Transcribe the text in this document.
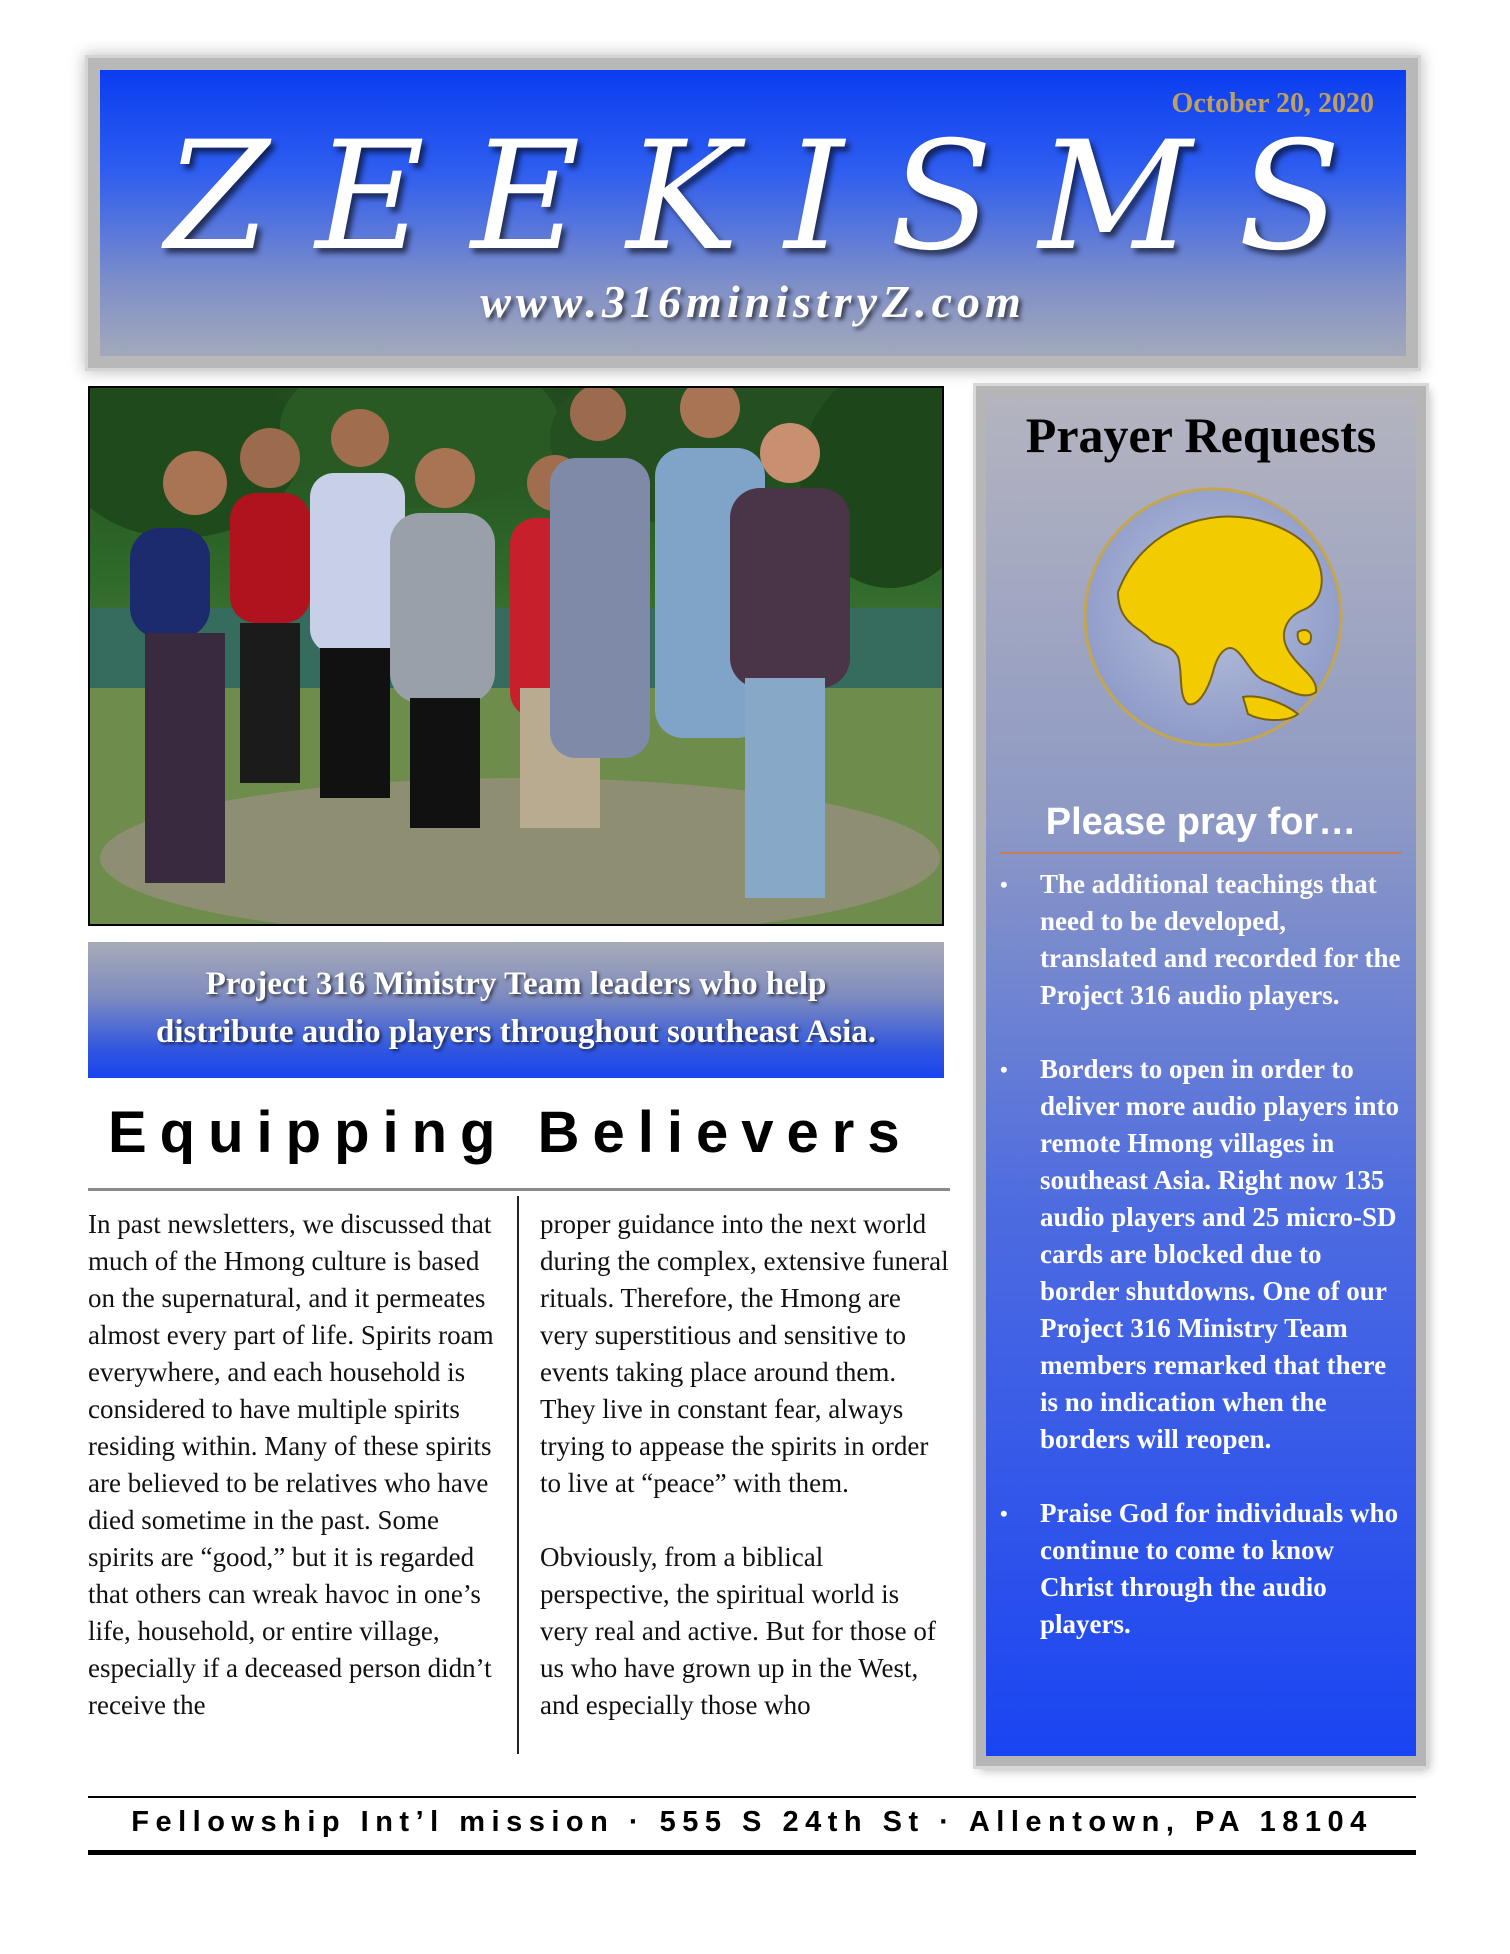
October 20, 2020
ZEEKISMS
www.316ministryZ.com
Project 316 Ministry Team leaders who help
distribute audio players throughout southeast Asia.
Equipping Believers

In past newsletters, we discussed that much of the Hmong culture is based on the supernatural, and it permeates almost every part of life. Spirits roam everywhere, and each household is considered to have multiple spirits residing within. Many of these spirits are believed to be relatives who have died sometime in the past. Some spirits are “good,” but it is regarded that others can wreak havoc in one’s life, household, or entire village, especially if a deceased person didn’t receive the

proper guidance into the next world during the complex, extensive funeral rituals. Therefore, the Hmong are very superstitious and sensitive to events taking place around them. They live in constant fear, always trying to appease the spirits in order to live at “peace” with them.

Obviously, from a biblical perspective, the spiritual world is very real and active. But for those of us who have grown up in the West, and especially those who

Prayer Requests
Please pray for…
• The additional teachings that need to be developed, translated and recorded for the Project 316 audio players.
• Borders to open in order to deliver more audio players into remote Hmong villages in southeast Asia. Right now 135 audio players and 25 micro-SD cards are blocked due to border shutdowns. One of our Project 316 Ministry Team members remarked that there is no indication when the borders will reopen.
• Praise God for individuals who continue to come to know Christ through the audio players.
Fellowship Int’l mission · 555 S 24th St · Allentown, PA 18104
